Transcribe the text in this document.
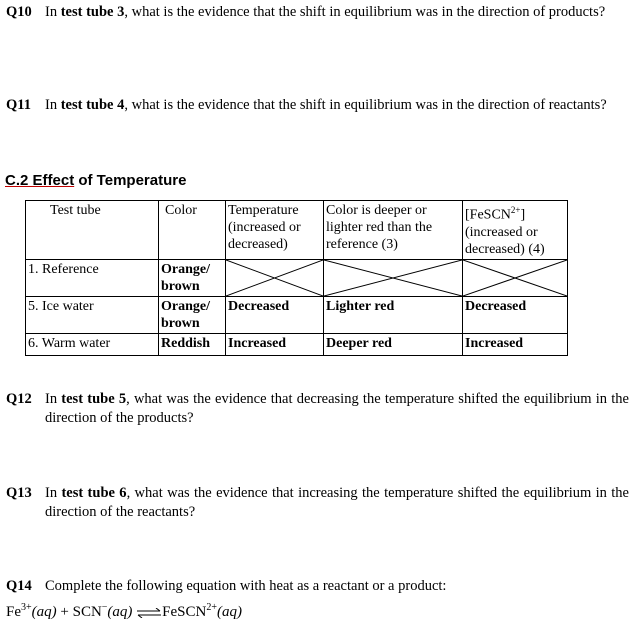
Q10 In test tube 3, what is the evidence that the shift in equilibrium was in the direction of products?
Q11 In test tube 4, what is the evidence that the shift in equilibrium was in the direction of reactants?
C.2 Effect of Temperature
Test tube	Color	Temperature (increased or decreased)	Color is deeper or lighter red than the reference (3)	[FeSCN$^{2+}$] (increased or decreased) (4)
1. Reference	Orange/ brown	

5. Ice water	Orange/ brown	Decreased	Lighter red	Decreased
6. Warm water	Reddish	Increased	Deeper red	Increased
Q12 In test tube 5, what was the evidence that decreasing the temperature shifted the equilibrium in the direction of the products?
Q13 In test tube 6, what was the evidence that increasing the temperature shifted the equilibrium in the direction of the reactants?
Q14 Complete the following equation with heat as a reactant or a product:
$Fe^{3+}(aq) + SCN^-(aq)$ ⇌FeSCN$^{2+}$(aq)
